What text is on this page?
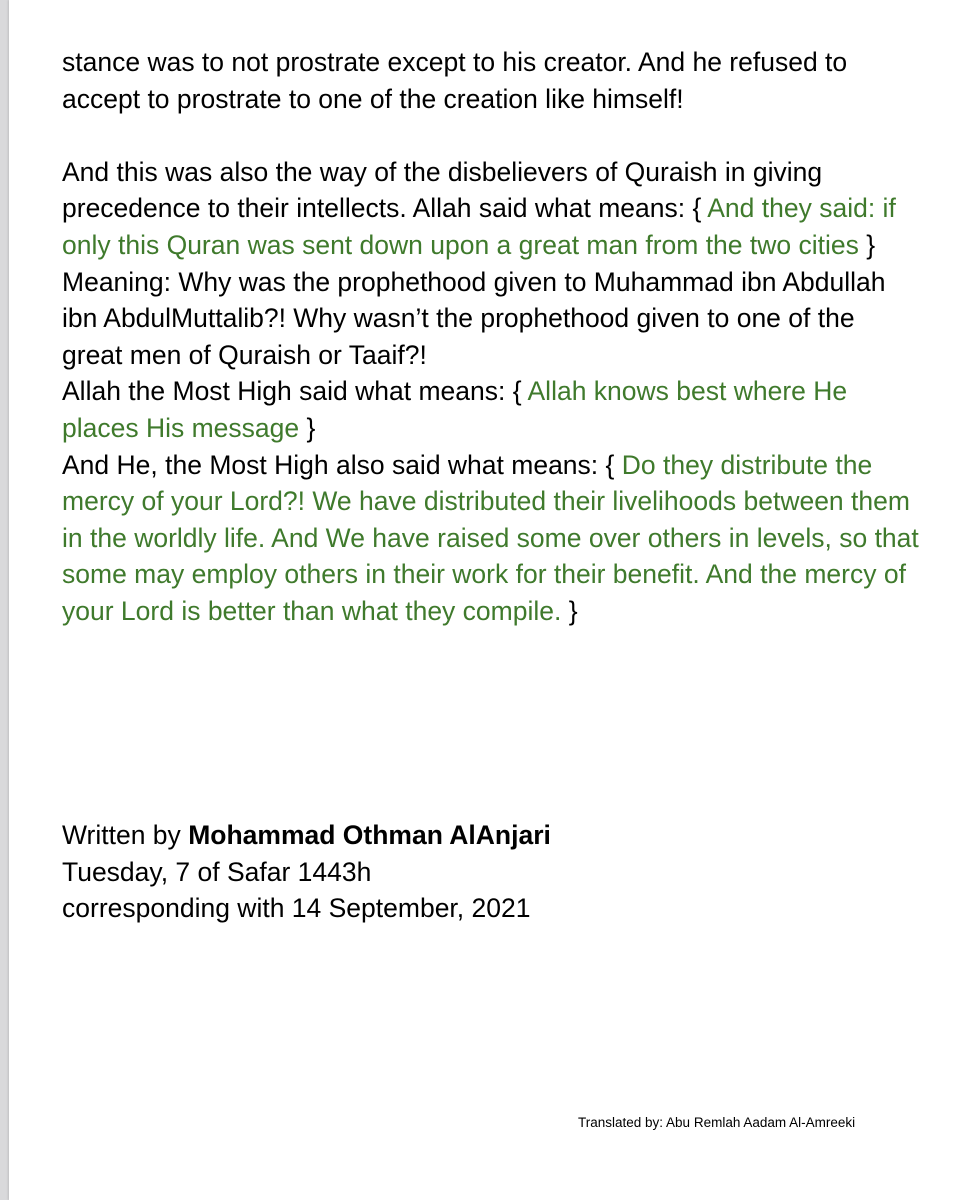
stance was to not prostrate except to his creator. And he refused to accept to prostrate to one of the creation like himself!

And this was also the way of the disbelievers of Quraish in giving precedence to their intellects. Allah said what means: { And they said: if only this Quran was sent down upon a great man from the two cities }

Meaning: Why was the prophethood given to Muhammad ibn Abdullah ibn AbdulMuttalib?! Why wasn’t the prophethood given to one of the great men of Quraish or Taaif?!

Allah the Most High said what means: { Allah knows best where He places His message }

And He, the Most High also said what means: { Do they distribute the mercy of your Lord?! We have distributed their livelihoods between them in the worldly life. And We have raised some over others in levels, so that some may employ others in their work for their benefit. And the mercy of your Lord is better than what they compile. }

Written by Mohammad Othman AlAnjari
Tuesday, 7 of Safar 1443h
corresponding with 14 September, 2021
Translated by: Abu Remlah Aadam Al-Amreeki
